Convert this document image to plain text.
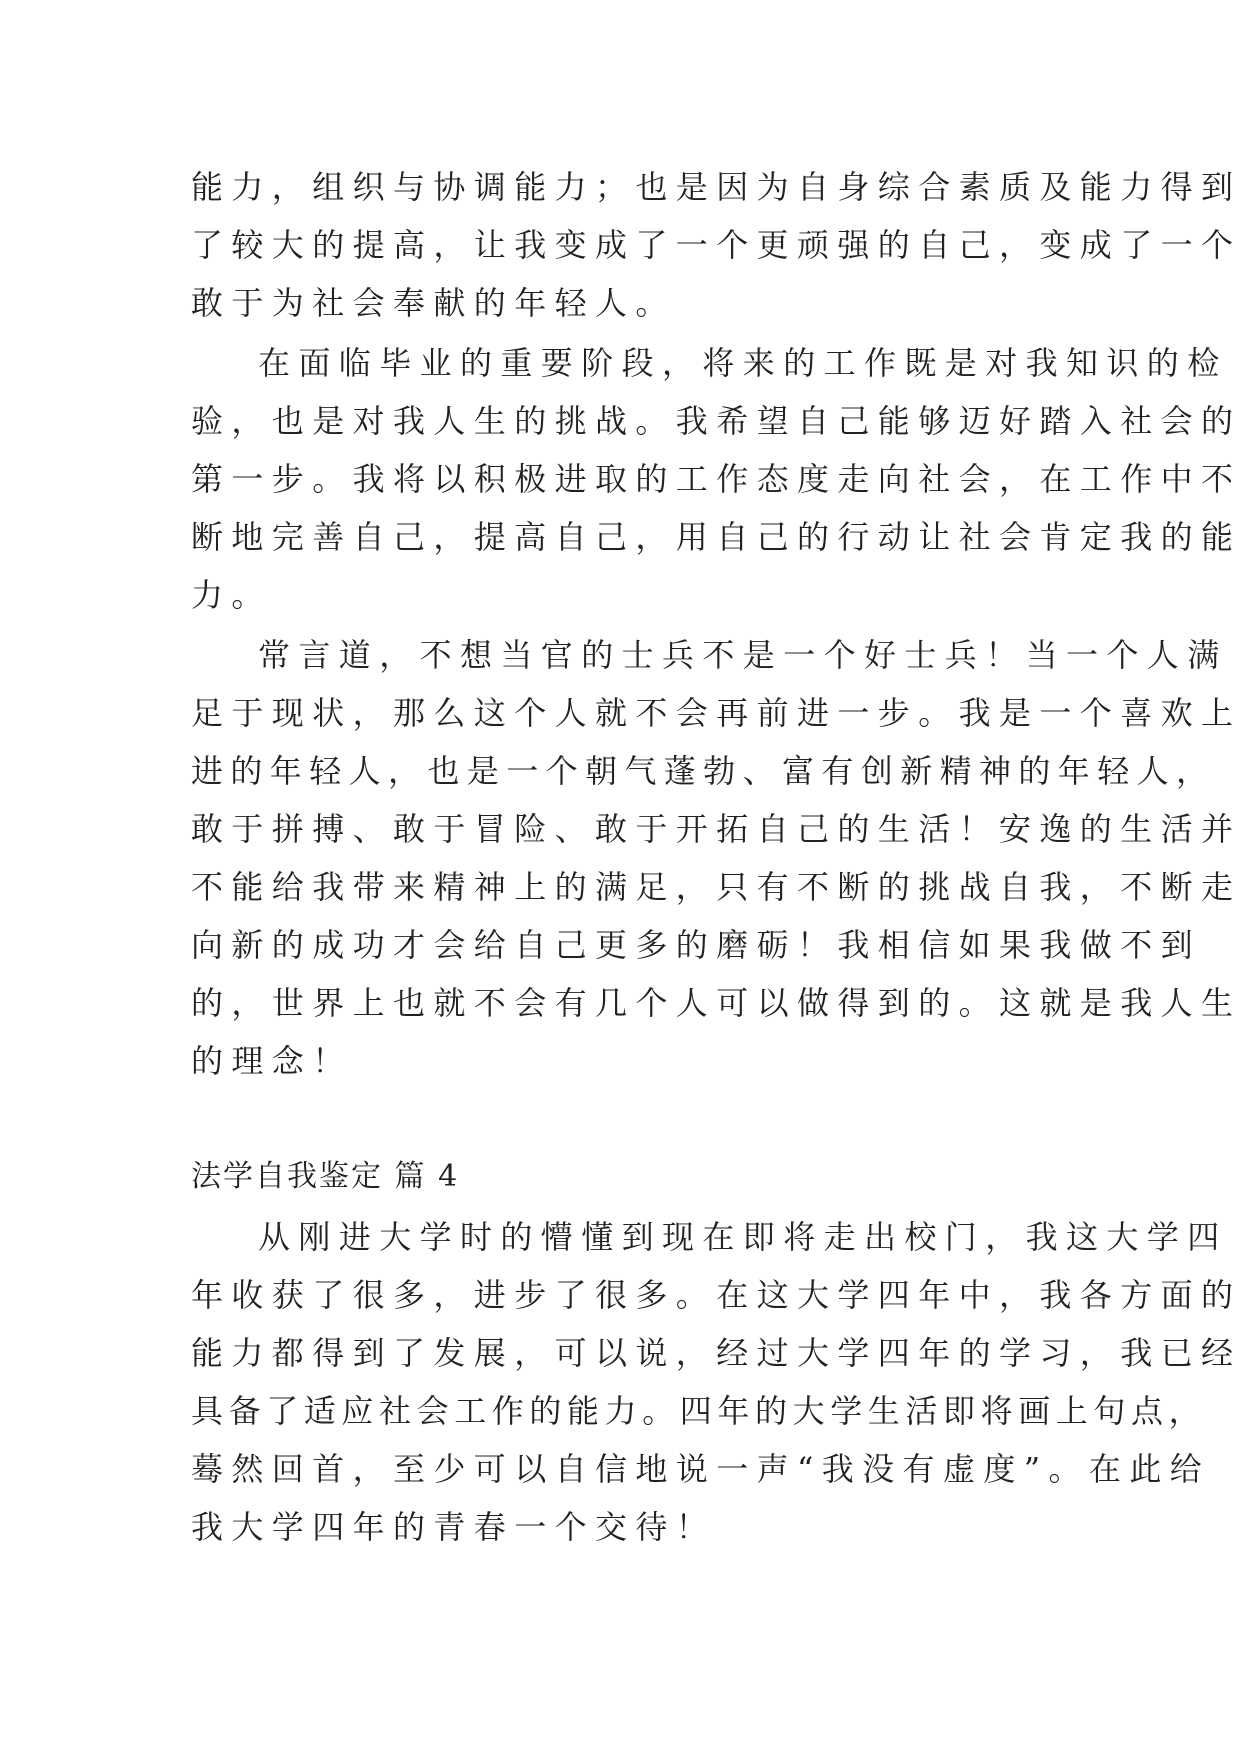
能力，组织与协调能力；也是因为自身综合素质及能力得到
了较大的提高，让我变成了一个更顽强的自己，变成了一个
敢于为社会奉献的年轻人。
在面临毕业的重要阶段，将来的工作既是对我知识的检
验，也是对我人生的挑战。我希望自己能够迈好踏入社会的
第一步。我将以积极进取的工作态度走向社会，在工作中不
断地完善自己，提高自己，用自己的行动让社会肯定我的能
力。
常言道，不想当官的士兵不是一个好士兵！当一个人满
足于现状，那么这个人就不会再前进一步。我是一个喜欢上
进的年轻人，也是一个朝气蓬勃、富有创新精神的年轻人，
敢于拼搏、敢于冒险、敢于开拓自己的生活！安逸的生活并
不能给我带来精神上的满足，只有不断的挑战自我，不断走
向新的成功才会给自己更多的磨砺！我相信如果我做不到
的，世界上也就不会有几个人可以做得到的。这就是我人生
的理念！
法学自我鉴定 篇 4
从刚进大学时的懵懂到现在即将走出校门，我这大学四
年收获了很多，进步了很多。在这大学四年中，我各方面的
能力都得到了发展，可以说，经过大学四年的学习，我已经
具备了适应社会工作的能力。四年的大学生活即将画上句点，
蓦然回首，至少可以自信地说一声“我没有虚度”。在此给
我大学四年的青春一个交待！
